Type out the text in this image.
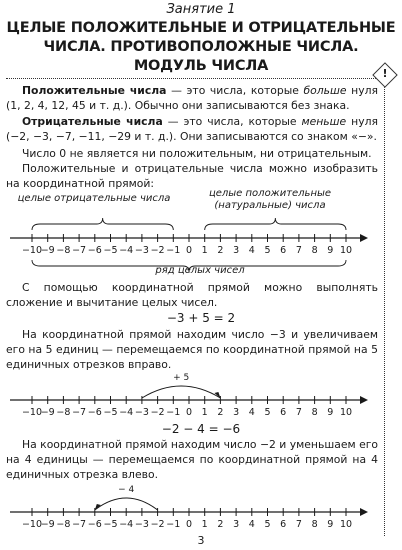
Занятие 1
ЦЕЛЫЕ ПОЛОЖИТЕЛЬНЫЕ И ОТРИЦАТЕЛЬНЫЕ
ЧИСЛА. ПРОТИВОПОЛОЖНЫЕ ЧИСЛА.
МОДУЛЬ ЧИСЛА	!
Положительные числа — это числа, которые больше нуля (1, 2, 4, 12, 45 и т. д.). Обычно они записываются без знака.
Отрицательные числа — это числа, которые меньше нуля (−2, −3, −7, −11, −29 и т. д.). Они записываются со знаком «−».
Число 0 не является ни положительным, ни отрицательным.
Положительные и отрицательные числа можно изобразить на координатной прямой:
целые отрицательные числа	целые положительные
(натуральные) числа
−10
−9 −8 −7 −6 −5 −4 −3 −2 −1 0 1 2 3 4 5 6 7 8 9 10
ряд целых чисел
С помощью координатной прямой можно выполнять сложение и вычитание целых чисел.
−3 + 5 = 2
На координатной прямой находим число −3 и увеличиваем его на 5 единиц — перемещаемся по координатной прямой на 5 единичных отрезков вправо.
+ 5
−10
−9 −8 −7 −6 −5 −4 −3 −2 −1 0 1 2 3 4 5 6 7 8 9 10
−2 − 4 = −6
На координатной прямой находим число −2 и уменьшаем его на 4 единицы — перемещаемся по координатной прямой на 4 единичных отрезка влево.
− 4
−10
−9 −8 −7 −6 −5 −4 −3 −2 −1 0 1 2 3 4 5 6 7 8 9 10
3
